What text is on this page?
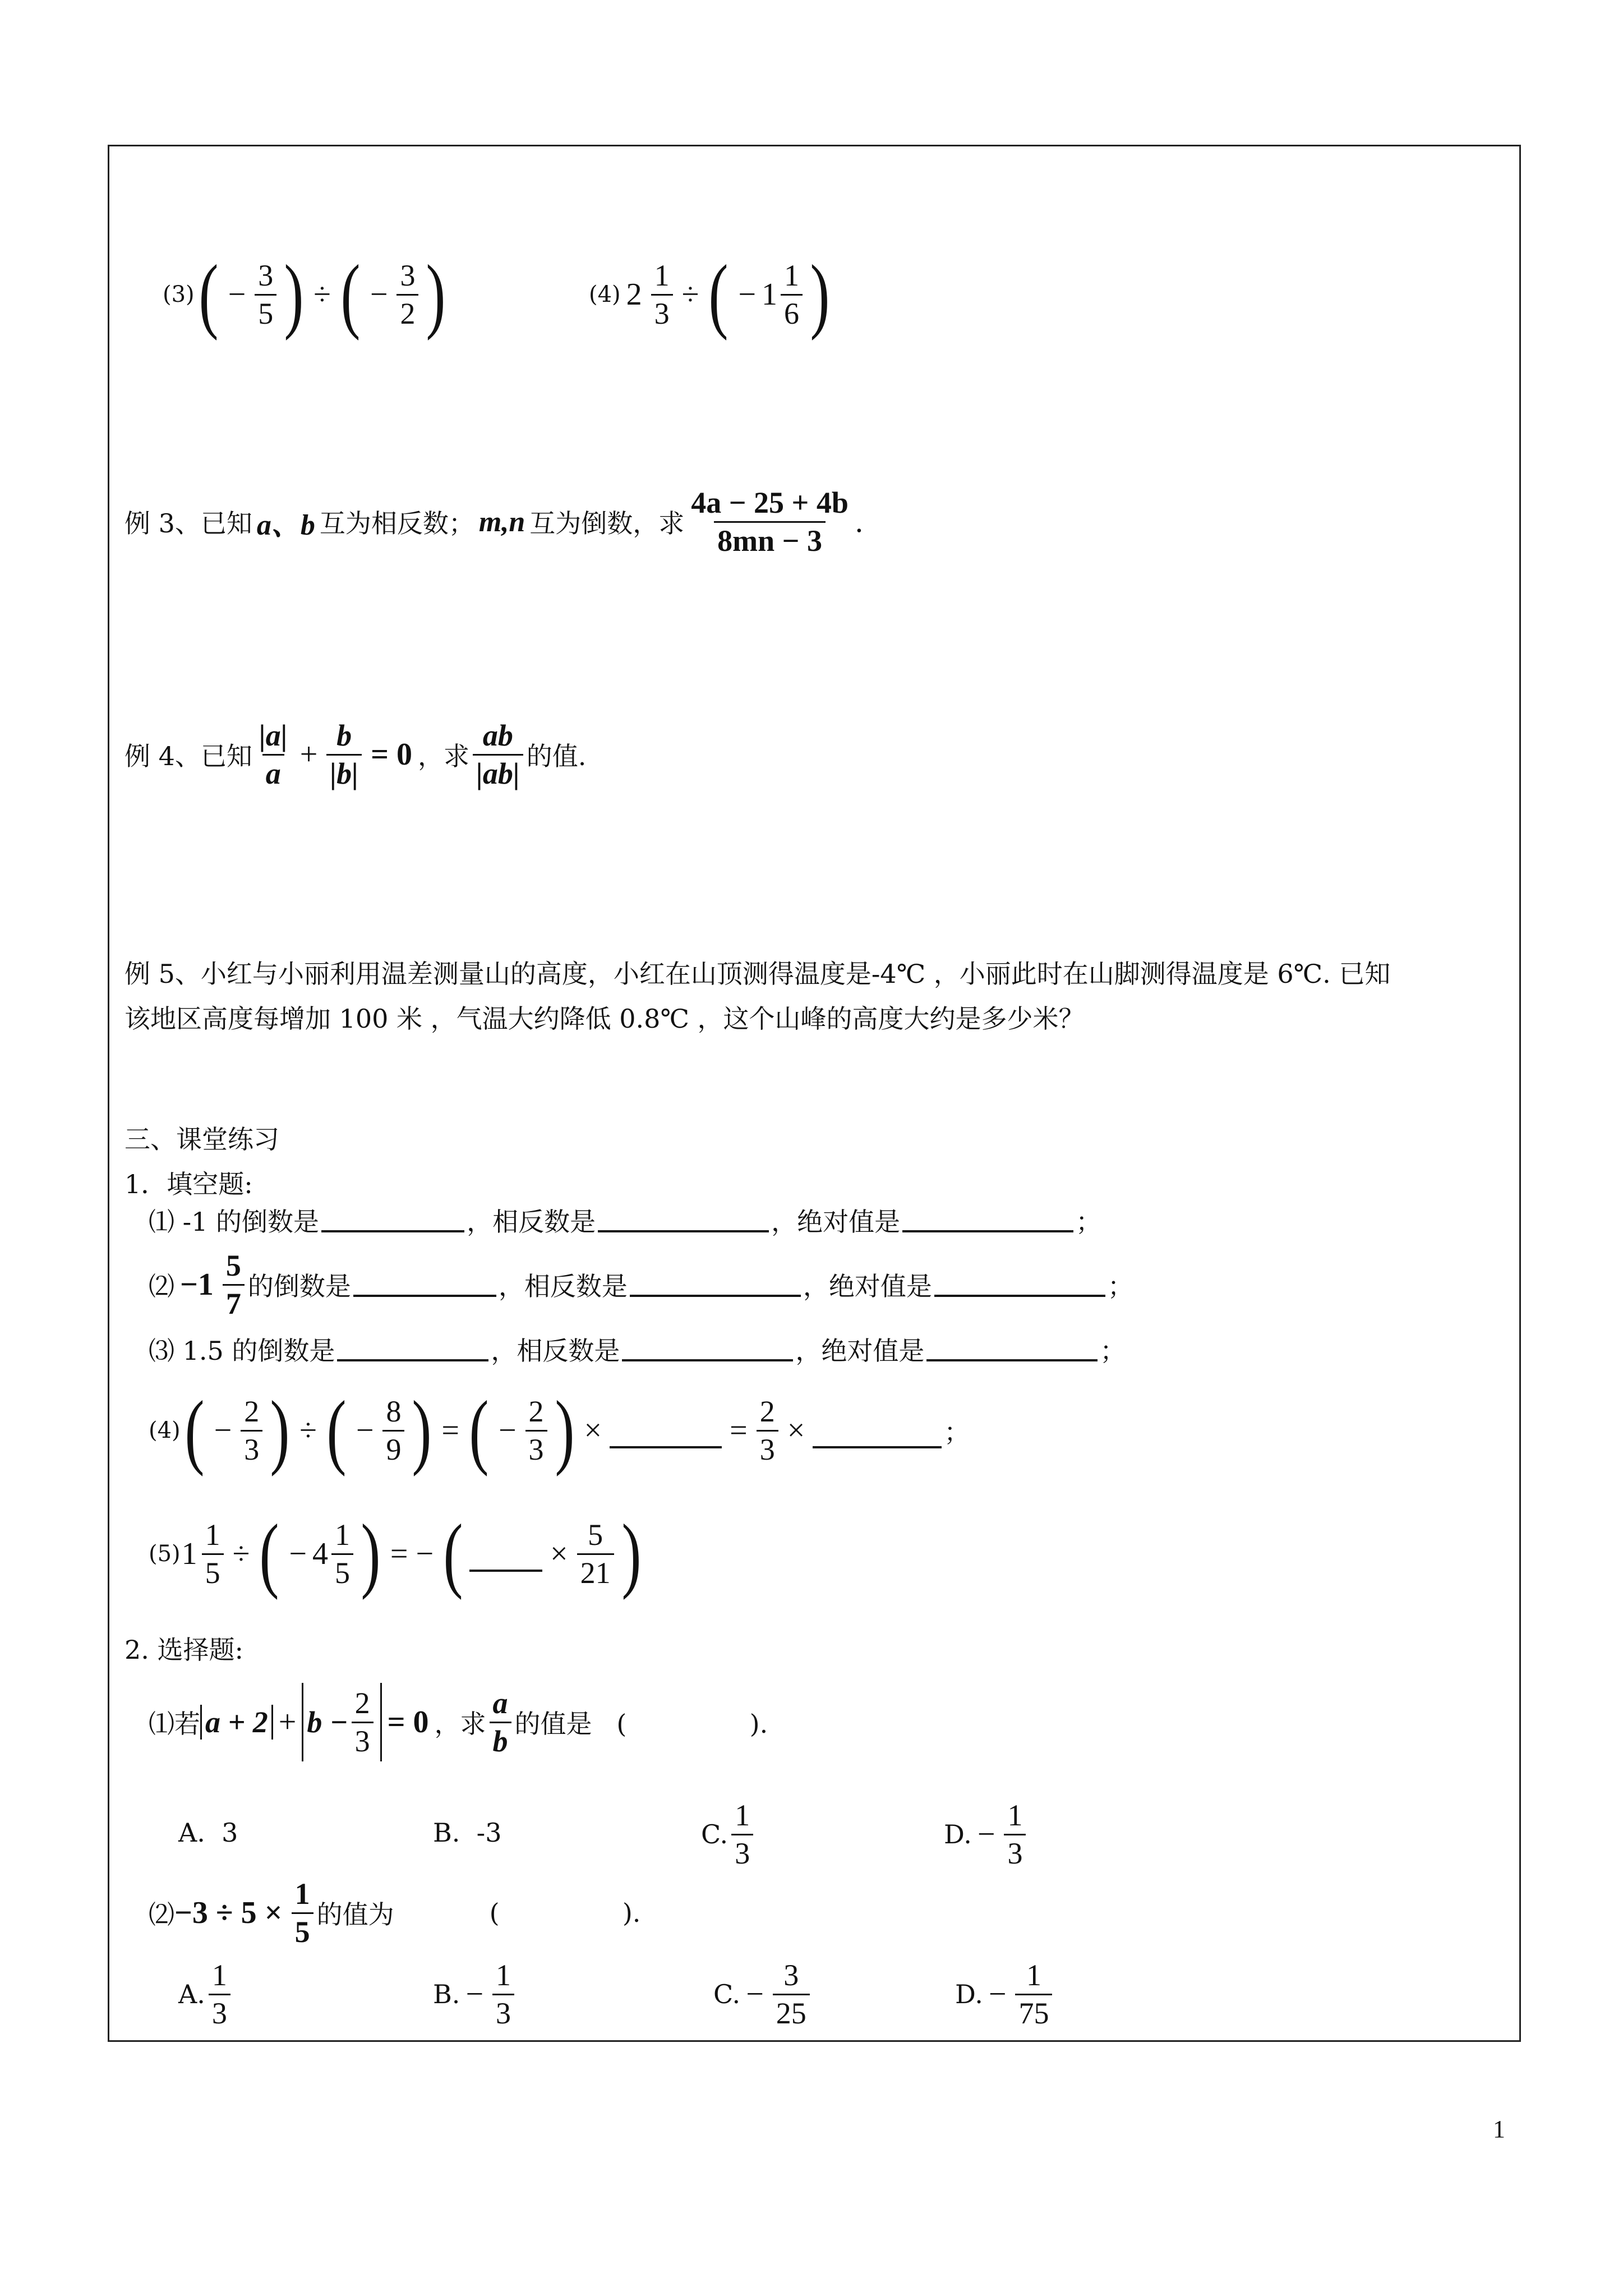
(3) ( − $\frac{3}{5}$ ) ÷ ( − $\frac{3}{2}$ )	(4) $2 \frac{1}{3}$ ÷ ( − $1 \frac{1}{6}$ )
例 3、已知 a、b 互为相反数； m,n 互为倒数，求 $\frac{4a - 25 + 4b}{8mn - 3}$ .
例 4、已知 $\frac{|a|}{a} + \frac{b}{|b|} = 0$ ，求 $\frac{ab}{|ab|}$ 的值.
例 5、小红与小丽利用温差测量山的高度，小红在山顶测得温度是-4℃ ，小丽此时在山脚测得温度是 6℃. 已知
该地区高度每增加 100 米 ，气温大约降低 0.8℃ ，这个山峰的高度大约是多少米？
三、课堂练习
1．填空题:
⑴ -1 的倒数是	，相反数是	，绝对值是	；
⑵ $-1 \frac{5}{7}$ 的倒数是	，相反数是	，绝对值是	；
⑶ 1.5 的倒数是	，相反数是	，绝对值是	；
(4) ( − $\frac{2}{3}$ ) ÷ ( − $\frac{8}{9}$ ) = ( − $\frac{2}{3}$ ) ×	= $\frac{2}{3}$ ×	；
(5) $1 \frac{1}{5}$ ÷ ( − $4 \frac{1}{5}$ ) = − (	× $\frac{5}{21}$ )
2. 选择题:
⑴若 $a + 2 + b - \frac{2}{3} = 0$ ，求 $\frac{a}{b}$ 的值是   (               ).
A.  3	B.  -3	C. $\frac{1}{3}$	D. − $\frac{1}{3}$
⑵ $-3 \div 5 \times \frac{1}{5}$ 的值为	(               ).
A. $\frac{1}{3}$	B. − $\frac{1}{3}$	C. − $\frac{3}{25}$	D. − $\frac{1}{75}$
1
